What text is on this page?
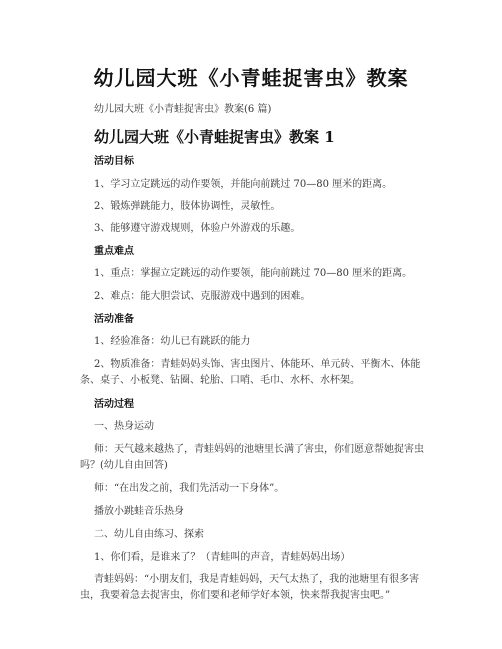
幼儿园大班《小青蛙捉害虫》教案
幼儿园大班《小青蛙捉害虫》教案(6 篇)
幼儿园大班《小青蛙捉害虫》教案 1
活动目标
1、学习立定跳远的动作要领，并能向前跳过 70—80 厘米的距离。
2、锻炼弹跳能力，肢体协调性，灵敏性。
3、能够遵守游戏规则，体验户外游戏的乐趣。
重点难点
1、重点：掌握立定跳远的动作要领，能向前跳过 70—80 厘米的距离。
2、难点：能大胆尝试、克服游戏中遇到的困难。
活动准备
1、经验准备：幼儿已有跳跃的能力
2、物质准备：青蛙妈妈头饰、害虫图片、体能环、单元砖、平衡木、体能
条、桌子、小板凳、钻圈、轮胎、口哨、毛巾、水杯、水杯架。
活动过程
一、热身运动
师：天气越来越热了，青蛙妈妈的池塘里长满了害虫，你们愿意帮她捉害虫
吗？(幼儿自由回答)
师：“在出发之前，我们先活动一下身体”。
播放小跳蛙音乐热身
二、幼儿自由练习、探索
1、你们看，是谁来了？（青蛙叫的声音，青蛙妈妈出场）
青蛙妈妈：“小朋友们，我是青蛙妈妈，天气太热了，我的池塘里有很多害
虫，我要着急去捉害虫，你们要和老师学好本领，快来帮我捉害虫吧。”
